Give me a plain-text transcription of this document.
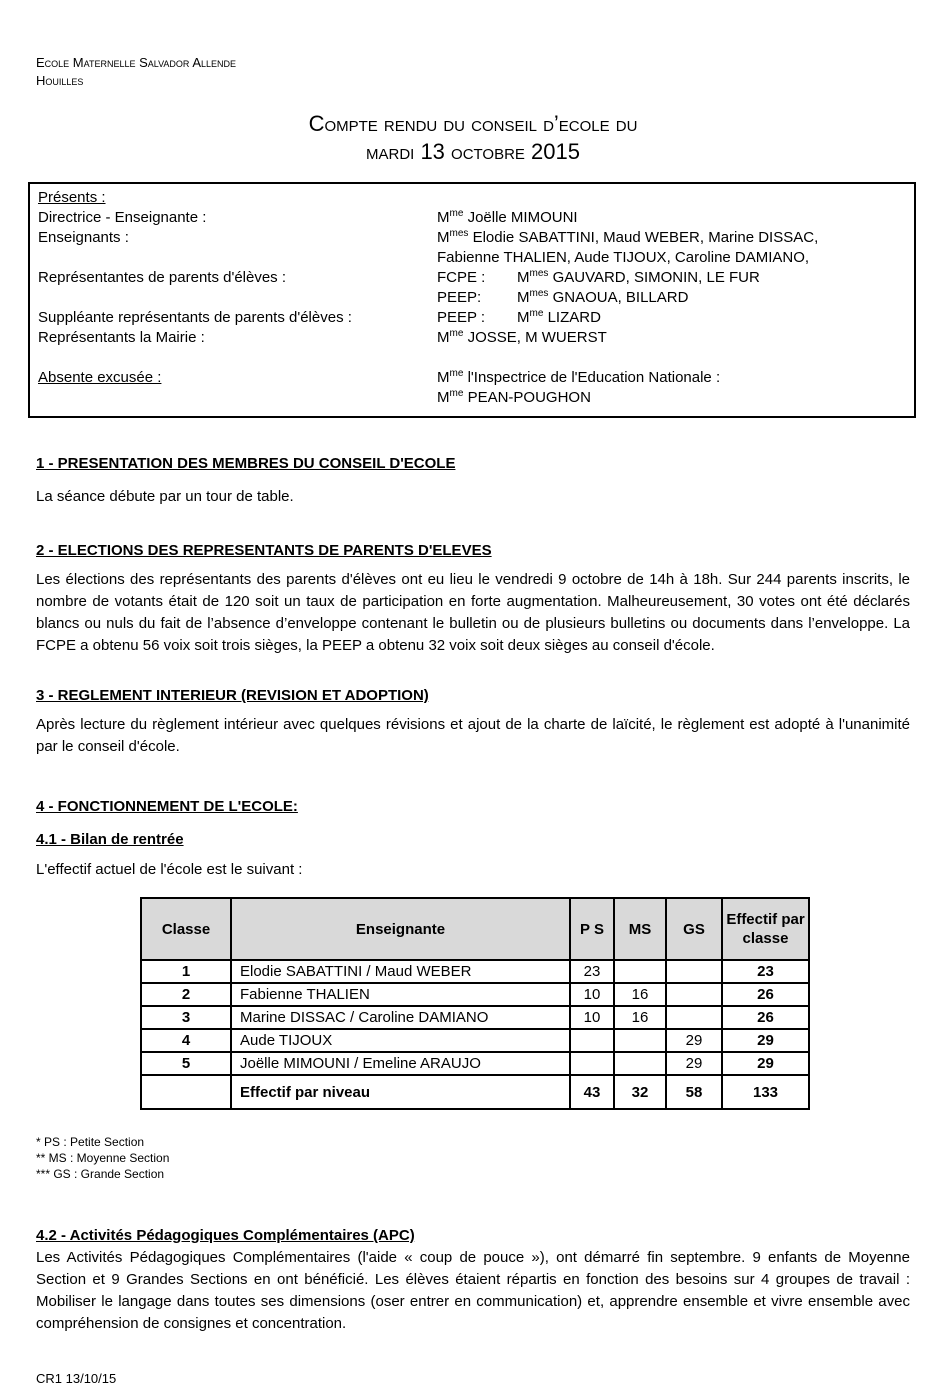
Ecole Maternelle Salvador Allende
Houilles
Compte rendu du conseil d’ecole du
mardi 13 octobre 2015
Présents :
Directrice - Enseignante :	$M^{me}$ Joëlle MIMOUNI
Enseignants :	$M^{mes}$ Elodie SABATTINI, Maud WEBER, Marine DISSAC,
Fabienne THALIEN, Aude TIJOUX, Caroline DAMIANO,
Représentantes de parents d'élèves :	FCPE : $M^{mes}$ GAUVARD, SIMONIN, LE FUR
PEEP: $M^{mes}$ GNAOUA, BILLARD
Suppléante représentants de parents d'élèves :	PEEP : $M^{me}$ LIZARD
Représentants la Mairie :	$M^{me}$ JOSSE, M WUERST
Absente excusée :	$M^{me}$ l'Inspectrice de l'Education Nationale :
$M^{me}$ PEAN-POUGHON
1 - PRESENTATION DES MEMBRES DU CONSEIL D'ECOLE
La séance débute par un tour de table.
2 - ELECTIONS DES REPRESENTANTS DE PARENTS D'ELEVES
Les élections des représentants des parents d'élèves ont eu lieu le vendredi 9 octobre de 14h à 18h. Sur 244 parents inscrits, le nombre de votants était de 120 soit un taux de participation en forte augmentation. Malheureusement, 30 votes ont été déclarés blancs ou nuls du fait de l’absence d’enveloppe contenant le bulletin ou de plusieurs bulletins ou documents dans l’enveloppe. La FCPE a obtenu 56 voix soit trois sièges, la PEEP a obtenu 32 voix soit deux sièges au conseil d'école.
3 - REGLEMENT INTERIEUR (REVISION ET ADOPTION)
Après lecture du règlement intérieur avec quelques révisions et ajout de la charte de laïcité, le règlement est adopté à l'unanimité par le conseil d'école.
4 - FONCTIONNEMENT DE L'ECOLE:
4.1 - Bilan de rentrée
L'effectif actuel de l'école est le suivant :
Classe	Enseignante	P S	MS	GS	Effectif par classe
1	Elodie SABATTINI / Maud WEBER	23			23
2	Fabienne THALIEN	10	16		26
3	Marine DISSAC / Caroline DAMIANO	10	16		26
4	Aude TIJOUX			29	29
5	Joëlle MIMOUNI / Emeline ARAUJO			29	29
	Effectif par niveau	43	32	58	133
* PS : Petite Section
** MS : Moyenne Section
*** GS : Grande Section
4.2 - Activités Pédagogiques Complémentaires (APC)
Les Activités Pédagogiques Complémentaires (l'aide « coup de pouce »), ont démarré fin septembre. 9 enfants de Moyenne Section et 9 Grandes Sections en ont bénéficié. Les élèves étaient répartis en fonction des besoins sur 4 groupes de travail : Mobiliser le langage dans toutes ses dimensions (oser entrer en communication) et, apprendre ensemble et vivre ensemble avec compréhension de consignes et concentration.
CR1 13/10/15
